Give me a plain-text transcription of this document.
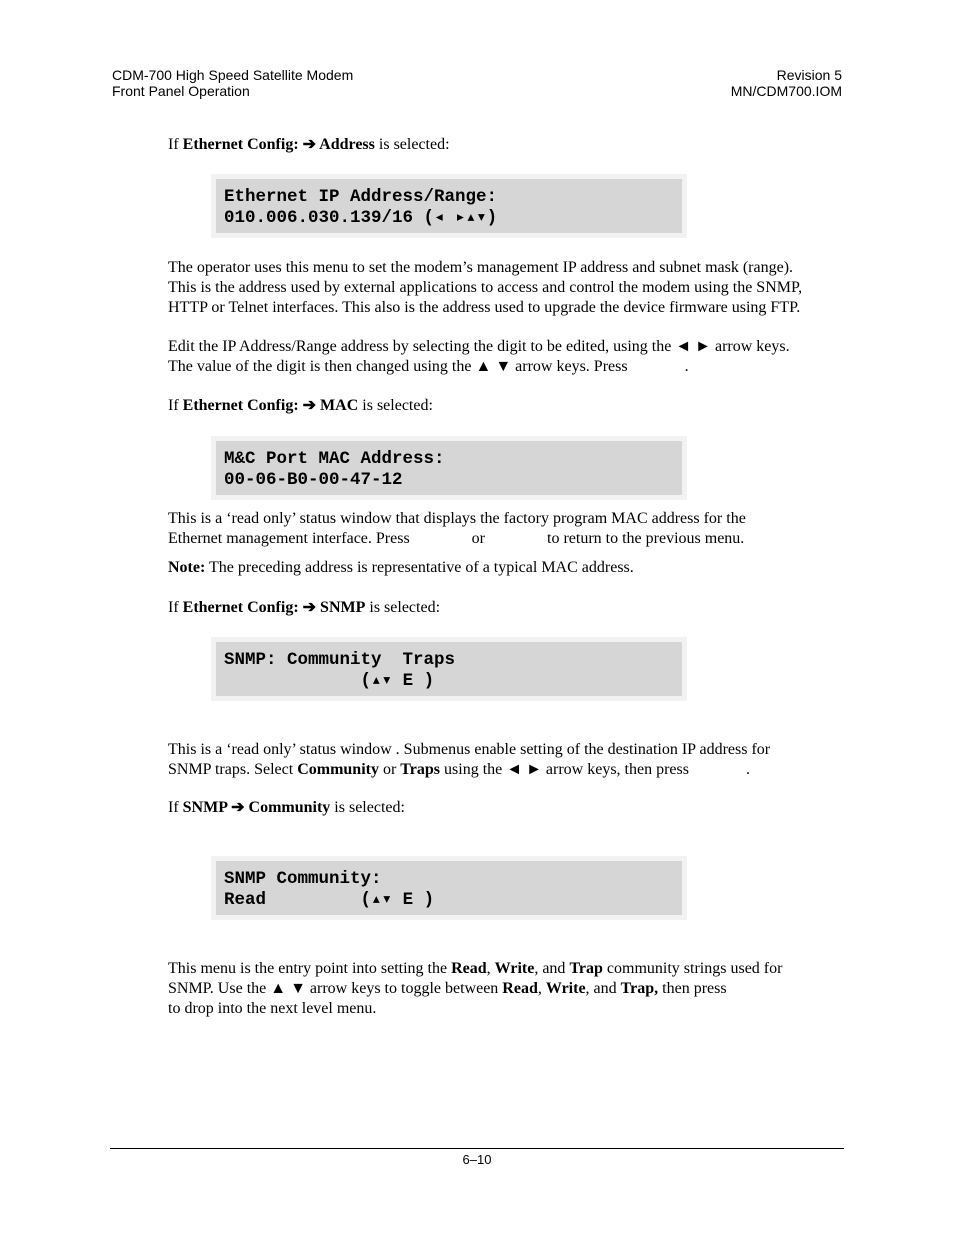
CDM-700 High Speed Satellite Modem
Front Panel Operation
Revision 5
MN/CDM700.IOM
If Ethernet Config: ➔ Address is selected:
Ethernet IP Address/Range:
010.006.030.139/16 (◂ ▸▴▾)
The operator uses this menu to set the modem’s management IP address and subnet mask (range).
This is the address used by external applications to access and control the modem using the SNMP,
HTTP or Telnet interfaces. This also is the address used to upgrade the device firmware using FTP.
Edit the IP Address/Range address by selecting the digit to be edited, using the ◄ ► arrow keys.
The value of the digit is then changed using the ▲ ▼ arrow keys. Press	.
If Ethernet Config: ➔ MAC is selected:
M&C Port MAC Address:
00-06-B0-00-47-12
This is a ‘read only’ status window that displays the factory program MAC address for the
Ethernet management interface. Press	or	to return to the previous menu.
Note: The preceding address is representative of a typical MAC address.
If Ethernet Config: ➔ SNMP is selected:
SNMP: Community  Traps
(▴▾ E )
This is a ‘read only’ status window . Submenus enable setting of the destination IP address for
SNMP traps. Select Community or Traps using the ◄ ► arrow keys, then press	.
If SNMP ➔ Community is selected:
SNMP Community:
Read         (▴▾ E )
This menu is the entry point into setting the Read, Write, and Trap community strings used for
SNMP. Use the ▲ ▼ arrow keys to toggle between Read, Write, and Trap, then press
to drop into the next level menu.
6–10
